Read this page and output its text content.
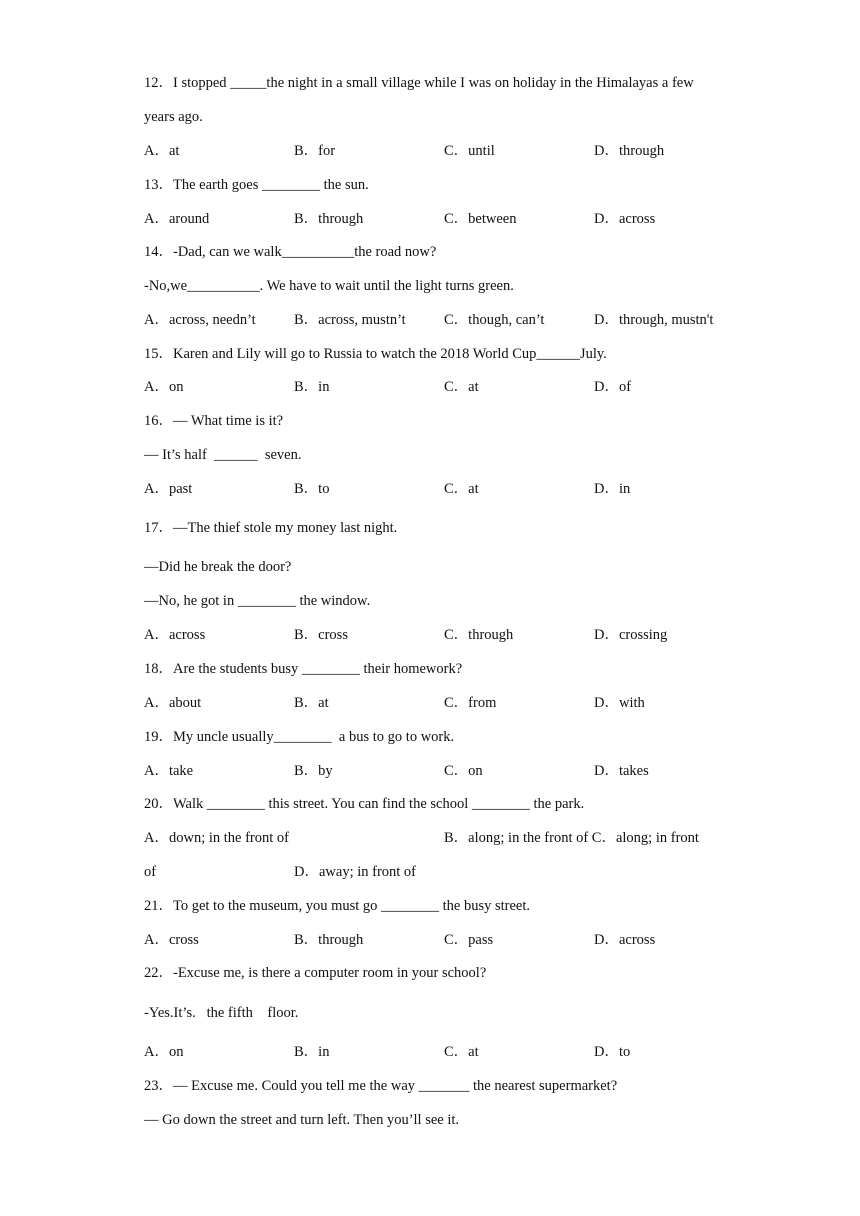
12．I stopped _____the night in a small village while I was on holiday in the Himalayas a few
years ago.
A．at	B．for	C．until	D．through
13．The earth goes ________ the sun.
A．around	B．through	C．between	D．across
14．-Dad, can we walk__________the road now?
-No,we__________. We have to wait until the light turns green.
A．across, needn’t	B．across, mustn’t	C．though, can’t	D．through, mustn't
15．Karen and Lily will go to Russia to watch the 2018 World Cup______July.
A．on	B．in	C．at	D．of
16．— What time is it?
— It’s half  ______  seven.
A．past	B．to	C．at	D．in
17．—The thief stole my money last night.
—Did he break the door?
—No, he got in ________ the window.
A．across	B．cross	C．through	D．crossing
18．Are the students busy ________ their homework?
A．about	B．at	C．from	D．with
19．My uncle usually________  a bus to go to work.
A．take	B．by	C．on	D．takes
20．Walk ________ this street. You can find the school ________ the park.
A．down; in the front of	B．along; in the front of C．along; in front
of	D．away; in front of
21．To get to the museum, you must go ________ the busy street.
A．cross	B．through	C．pass	D．across
22．-Excuse me, is there a computer room in your school?
-Yes.It’s.   the fifth    floor.
A．on	B．in	C．at	D．to
23．— Excuse me. Could you tell me the way _______ the nearest supermarket?
— Go down the street and turn left. Then you’ll see it.
